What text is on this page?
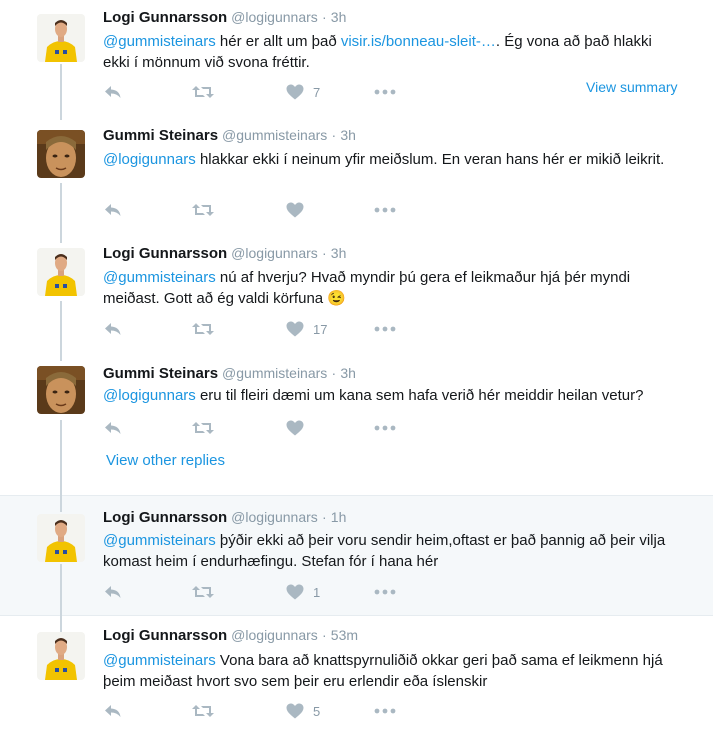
Logi Gunnarsson @logigunnars · 3h
@gummisteinars hér er allt um það visir.is/bonneau-sleit-…. Ég vona að það hlakki ekki í mönnum við svona fréttir.
View summary
7
Gummi Steinars @gummisteinars · 3h
@logigunnars hlakkar ekki í neinum yfir meiðslum. En veran hans hér er mikið leikrit.
Logi Gunnarsson @logigunnars · 3h
@gummisteinars nú af hverju? Hvað myndir þú gera ef leikmaður hjá þér myndi meiðast. Gott að ég valdi körfuna 😉
17
Gummi Steinars @gummisteinars · 3h
@logigunnars eru til fleiri dæmi um kana sem hafa verið hér meiddir heilan vetur?
View other replies
Logi Gunnarsson @logigunnars · 1h
@gummisteinars þýðir ekki að þeir voru sendir heim,oftast er það þannig að þeir vilja komast heim í endurhæfingu. Stefan fór í hana hér
1
Logi Gunnarsson @logigunnars · 53m
@gummisteinars Vona bara að knattspyrnuliðið okkar geri það sama ef leikmenn hjá þeim meiðast hvort svo sem þeir eru erlendir eða íslenskir
5
